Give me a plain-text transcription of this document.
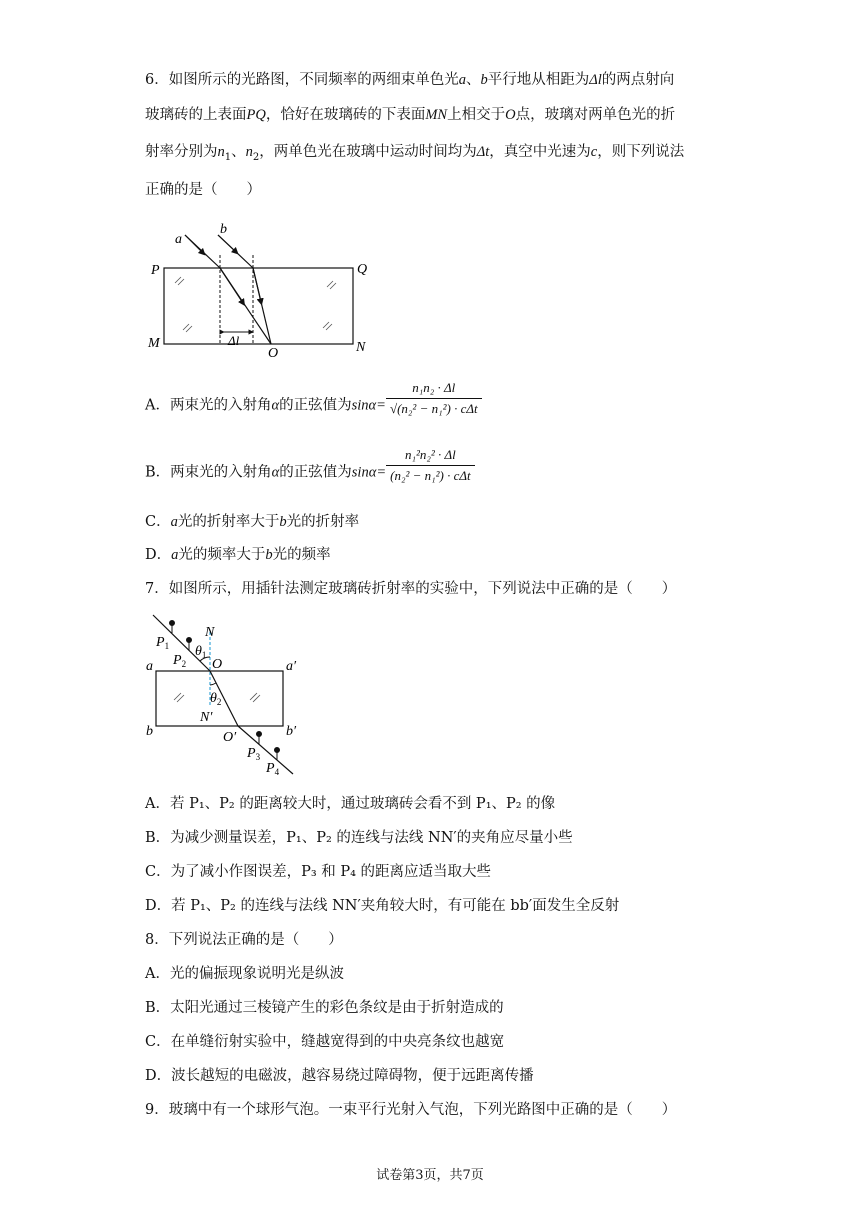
6．如图所示的光路图，不同频率的两细束单色光a、b平行地从相距为Δl的两点射向
玻璃砖的上表面PQ，恰好在玻璃砖的下表面MN上相交于O点，玻璃对两单色光的折
射率分别为$n_1$、$n_2$，两单色光在玻璃中运动时间均为Δt，真空中光速为c，则下列说法
正确的是（　　）
a
b
P	Q
M	N
O
Δl
A．两束光的入射角α的正弦值为$\sin\alpha= \frac{\text{n₁n₂ · Δl}}{\text{√(n₂² − n₁²) · cΔt}}$
B．两束光的入射角α的正弦值为$\sin\alpha= \frac{\text{n₁²n₂² · Δl}}{\text{(n₂² − n₁²) · cΔt}}$
C．a光的折射率大于b光的折射率
D．a光的频率大于b光的频率
7．如图所示，用插针法测定玻璃砖折射率的实验中，下列说法中正确的是（　　）
$P_1$
$P_2$
$P_3$
$P_4$
N
N′
O
O′
a	a′
b	b′
$\theta_1$
$\theta_2$
A．若 P₁、P₂ 的距离较大时，通过玻璃砖会看不到 P₁、P₂ 的像
B．为减少测量误差，P₁、P₂ 的连线与法线 NN′的夹角应尽量小些
C．为了减小作图误差，P₃ 和 P₄ 的距离应适当取大些
D．若 P₁、P₂ 的连线与法线 NN′夹角较大时，有可能在 bb′面发生全反射
8．下列说法正确的是（　　）
A．光的偏振现象说明光是纵波
B．太阳光通过三棱镜产生的彩色条纹是由于折射造成的
C．在单缝衍射实验中，缝越宽得到的中央亮条纹也越宽
D．波长越短的电磁波，越容易绕过障碍物，便于远距离传播
9．玻璃中有一个球形气泡。一束平行光射入气泡，下列光路图中正确的是（　　）
试卷第3页，共7页
